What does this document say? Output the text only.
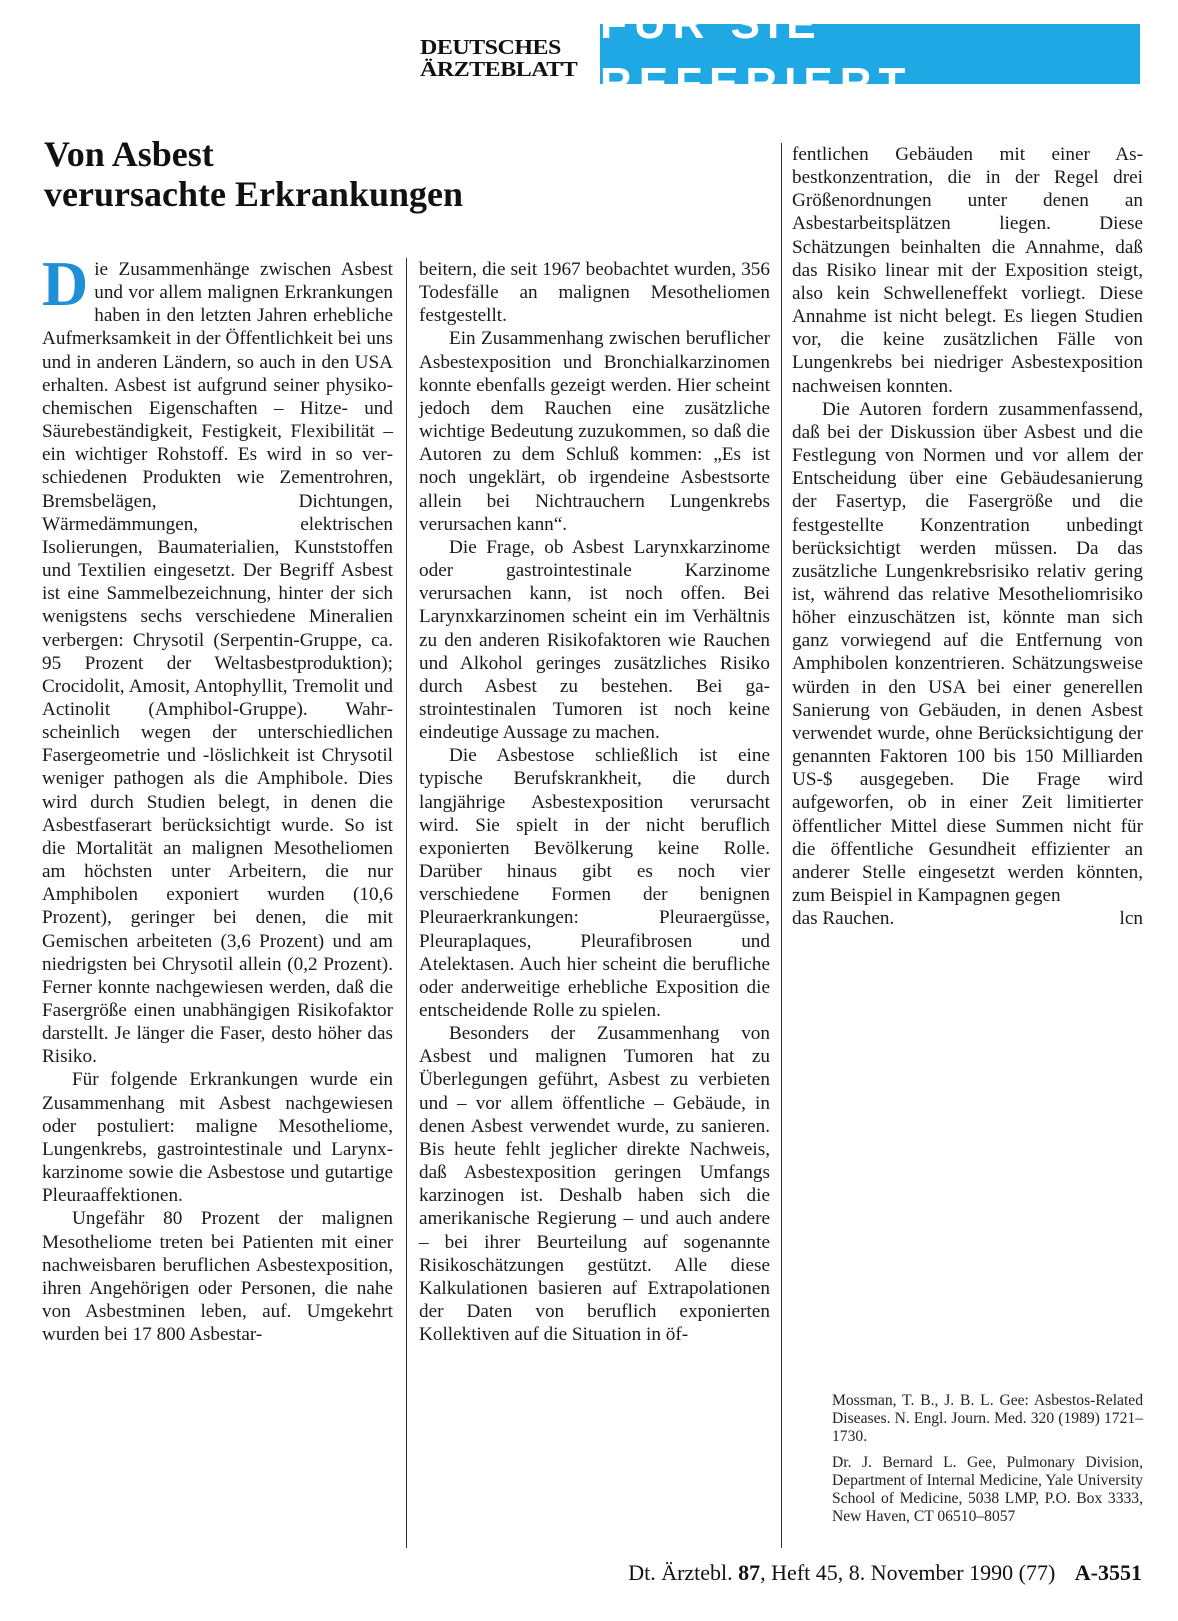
DEUTSCHES
ÄRZTEBLATT
FÜR SIE REFERIERT
Von Asbest
verursachte Erkrankungen

Die Zusammenhänge zwischen Asbest und vor allem malignen Erkrankungen haben in den letzten Jahren erhebliche Aufmerksamkeit in der Öffentlichkeit bei uns und in anderen Ländern, so auch in den USA erhalten. Asbest ist aufgrund seiner physiko-chemischen Eigenschaften – Hitze- und Säurebeständigkeit, Festigkeit, Flexibilität – ein wichtiger Rohstoff. Es wird in so verschiedenen Produkten wie Zementrohren, Bremsbelägen, Dichtungen, Wärmedämmungen, elektrischen Isolierungen, Baumaterialien, Kunststoffen und Textilien eingesetzt. Der Begriff Asbest ist eine Sammelbezeichnung, hinter der sich wenigstens sechs verschiedene Mineralien verbergen: Chrysotil (Serpentin-Gruppe, ca. 95 Prozent der Weltasbestproduktion); Crocidolit, Amosit, Antophyllit, Tremolit und Actinolit (Amphibol-Gruppe). Wahrscheinlich wegen der unterschiedlichen Fasergeometrie und -löslichkeit ist Chrysotil weniger pathogen als die Amphibole. Dies wird durch Studien belegt, in denen die Asbestfaserart berücksichtigt wurde. So ist die Mortalität an malignen Mesotheliomen am höchsten unter Arbeitern, die nur Amphibolen exponiert wurden (10,6 Prozent), geringer bei denen, die mit Gemischen arbeiteten (3,6 Prozent) und am niedrigsten bei Chrysotil allein (0,2 Prozent). Ferner konnte nachgewiesen werden, daß die Fasergröße einen unabhängigen Risikofaktor darstellt. Je länger die Faser, desto höher das Risiko.

Für folgende Erkrankungen wurde ein Zusammenhang mit Asbest nachgewiesen oder postuliert: maligne Mesotheliome, Lungenkrebs, gastrointestinale und Larynxkarzinome sowie die Asbestose und gutartige Pleuraaffektionen.

Ungefähr 80 Prozent der malignen Mesotheliome treten bei Patienten mit einer nachweisbaren beruflichen Asbestexposition, ihren Angehörigen oder Personen, die nahe von Asbestminen leben, auf. Umgekehrt wurden bei 17 800 Asbestar-

beitern, die seit 1967 beobachtet wurden, 356 Todesfälle an malignen Mesotheliomen festgestellt.

Ein Zusammenhang zwischen beruflicher Asbestexposition und Bronchialkarzinomen konnte ebenfalls gezeigt werden. Hier scheint jedoch dem Rauchen eine zusätzliche wichtige Bedeutung zuzukommen, so daß die Autoren zu dem Schluß kommen: „Es ist noch ungeklärt, ob irgendeine Asbestsorte allein bei Nichtrauchern Lungenkrebs verursachen kann“.

Die Frage, ob Asbest Larynxkarzinome oder gastrointestinale Karzinome verursachen kann, ist noch offen. Bei Larynxkarzinomen scheint ein im Verhältnis zu den anderen Risikofaktoren wie Rauchen und Alkohol geringes zusätzliches Risiko durch Asbest zu bestehen. Bei gastrointestinalen Tumoren ist noch keine eindeutige Aussage zu machen.

Die Asbestose schließlich ist eine typische Berufskrankheit, die durch langjährige Asbestexposition verursacht wird. Sie spielt in der nicht beruflich exponierten Bevölkerung keine Rolle. Darüber hinaus gibt es noch vier verschiedene Formen der benignen Pleuraerkrankungen: Pleuraergüsse, Pleuraplaques, Pleurafibrosen und Atelektasen. Auch hier scheint die berufliche oder anderweitige erhebliche Exposition die entscheidende Rolle zu spielen.

Besonders der Zusammenhang von Asbest und malignen Tumoren hat zu Überlegungen geführt, Asbest zu verbieten und – vor allem öffentliche – Gebäude, in denen Asbest verwendet wurde, zu sanieren. Bis heute fehlt jeglicher direkte Nachweis, daß Asbestexposition geringen Umfangs karzinogen ist. Deshalb haben sich die amerikanische Regierung – und auch andere – bei ihrer Beurteilung auf sogenannte Risikoschätzungen gestützt. Alle diese Kalkulationen basieren auf Extrapolationen der Daten von beruflich exponierten Kollektiven auf die Situation in öf-

fentlichen Gebäuden mit einer Asbestkonzentration, die in der Regel drei Größenordnungen unter denen an Asbestarbeitsplätzen liegen. Diese Schätzungen beinhalten die Annahme, daß das Risiko linear mit der Exposition steigt, also kein Schwelleneffekt vorliegt. Diese Annahme ist nicht belegt. Es liegen Studien vor, die keine zusätzlichen Fälle von Lungenkrebs bei niedriger Asbestexposition nachweisen konnten.

Die Autoren fordern zusammenfassend, daß bei der Diskussion über Asbest und die Festlegung von Normen und vor allem der Entscheidung über eine Gebäudesanierung der Fasertyp, die Fasergröße und die festgestellte Konzentration unbedingt berücksichtigt werden müssen. Da das zusätzliche Lungenkrebsrisiko relativ gering ist, während das relative Mesotheliomrisiko höher einzuschätzen ist, könnte man sich ganz vorwiegend auf die Entfernung von Amphibolen konzentrieren. Schätzungsweise würden in den USA bei einer generellen Sanierung von Gebäuden, in denen Asbest verwendet wurde, ohne Berücksichtigung der genannten Faktoren 100 bis 150 Milliarden US-$ ausgegeben. Die Frage wird aufgeworfen, ob in einer Zeit limitierter öffentlicher Mittel diese Summen nicht für die öffentliche Gesundheit effizienter an anderer Stelle eingesetzt werden könnten, zum Beispiel in Kampagnen gegen

das Rauchen.	lcn

Mossman, T. B., J. B. L. Gee: Asbestos-Related Diseases. N. Engl. Journ. Med. 320 (1989) 1721–1730.

Dr. J. Bernard L. Gee, Pulmonary Division, Department of Internal Medicine, Yale University School of Medicine, 5038 LMP, P.O. Box 3333, New Haven, CT 06510–8057

Dt. Ärztebl. 87, Heft 45, 8. November 1990 (77) A-3551
